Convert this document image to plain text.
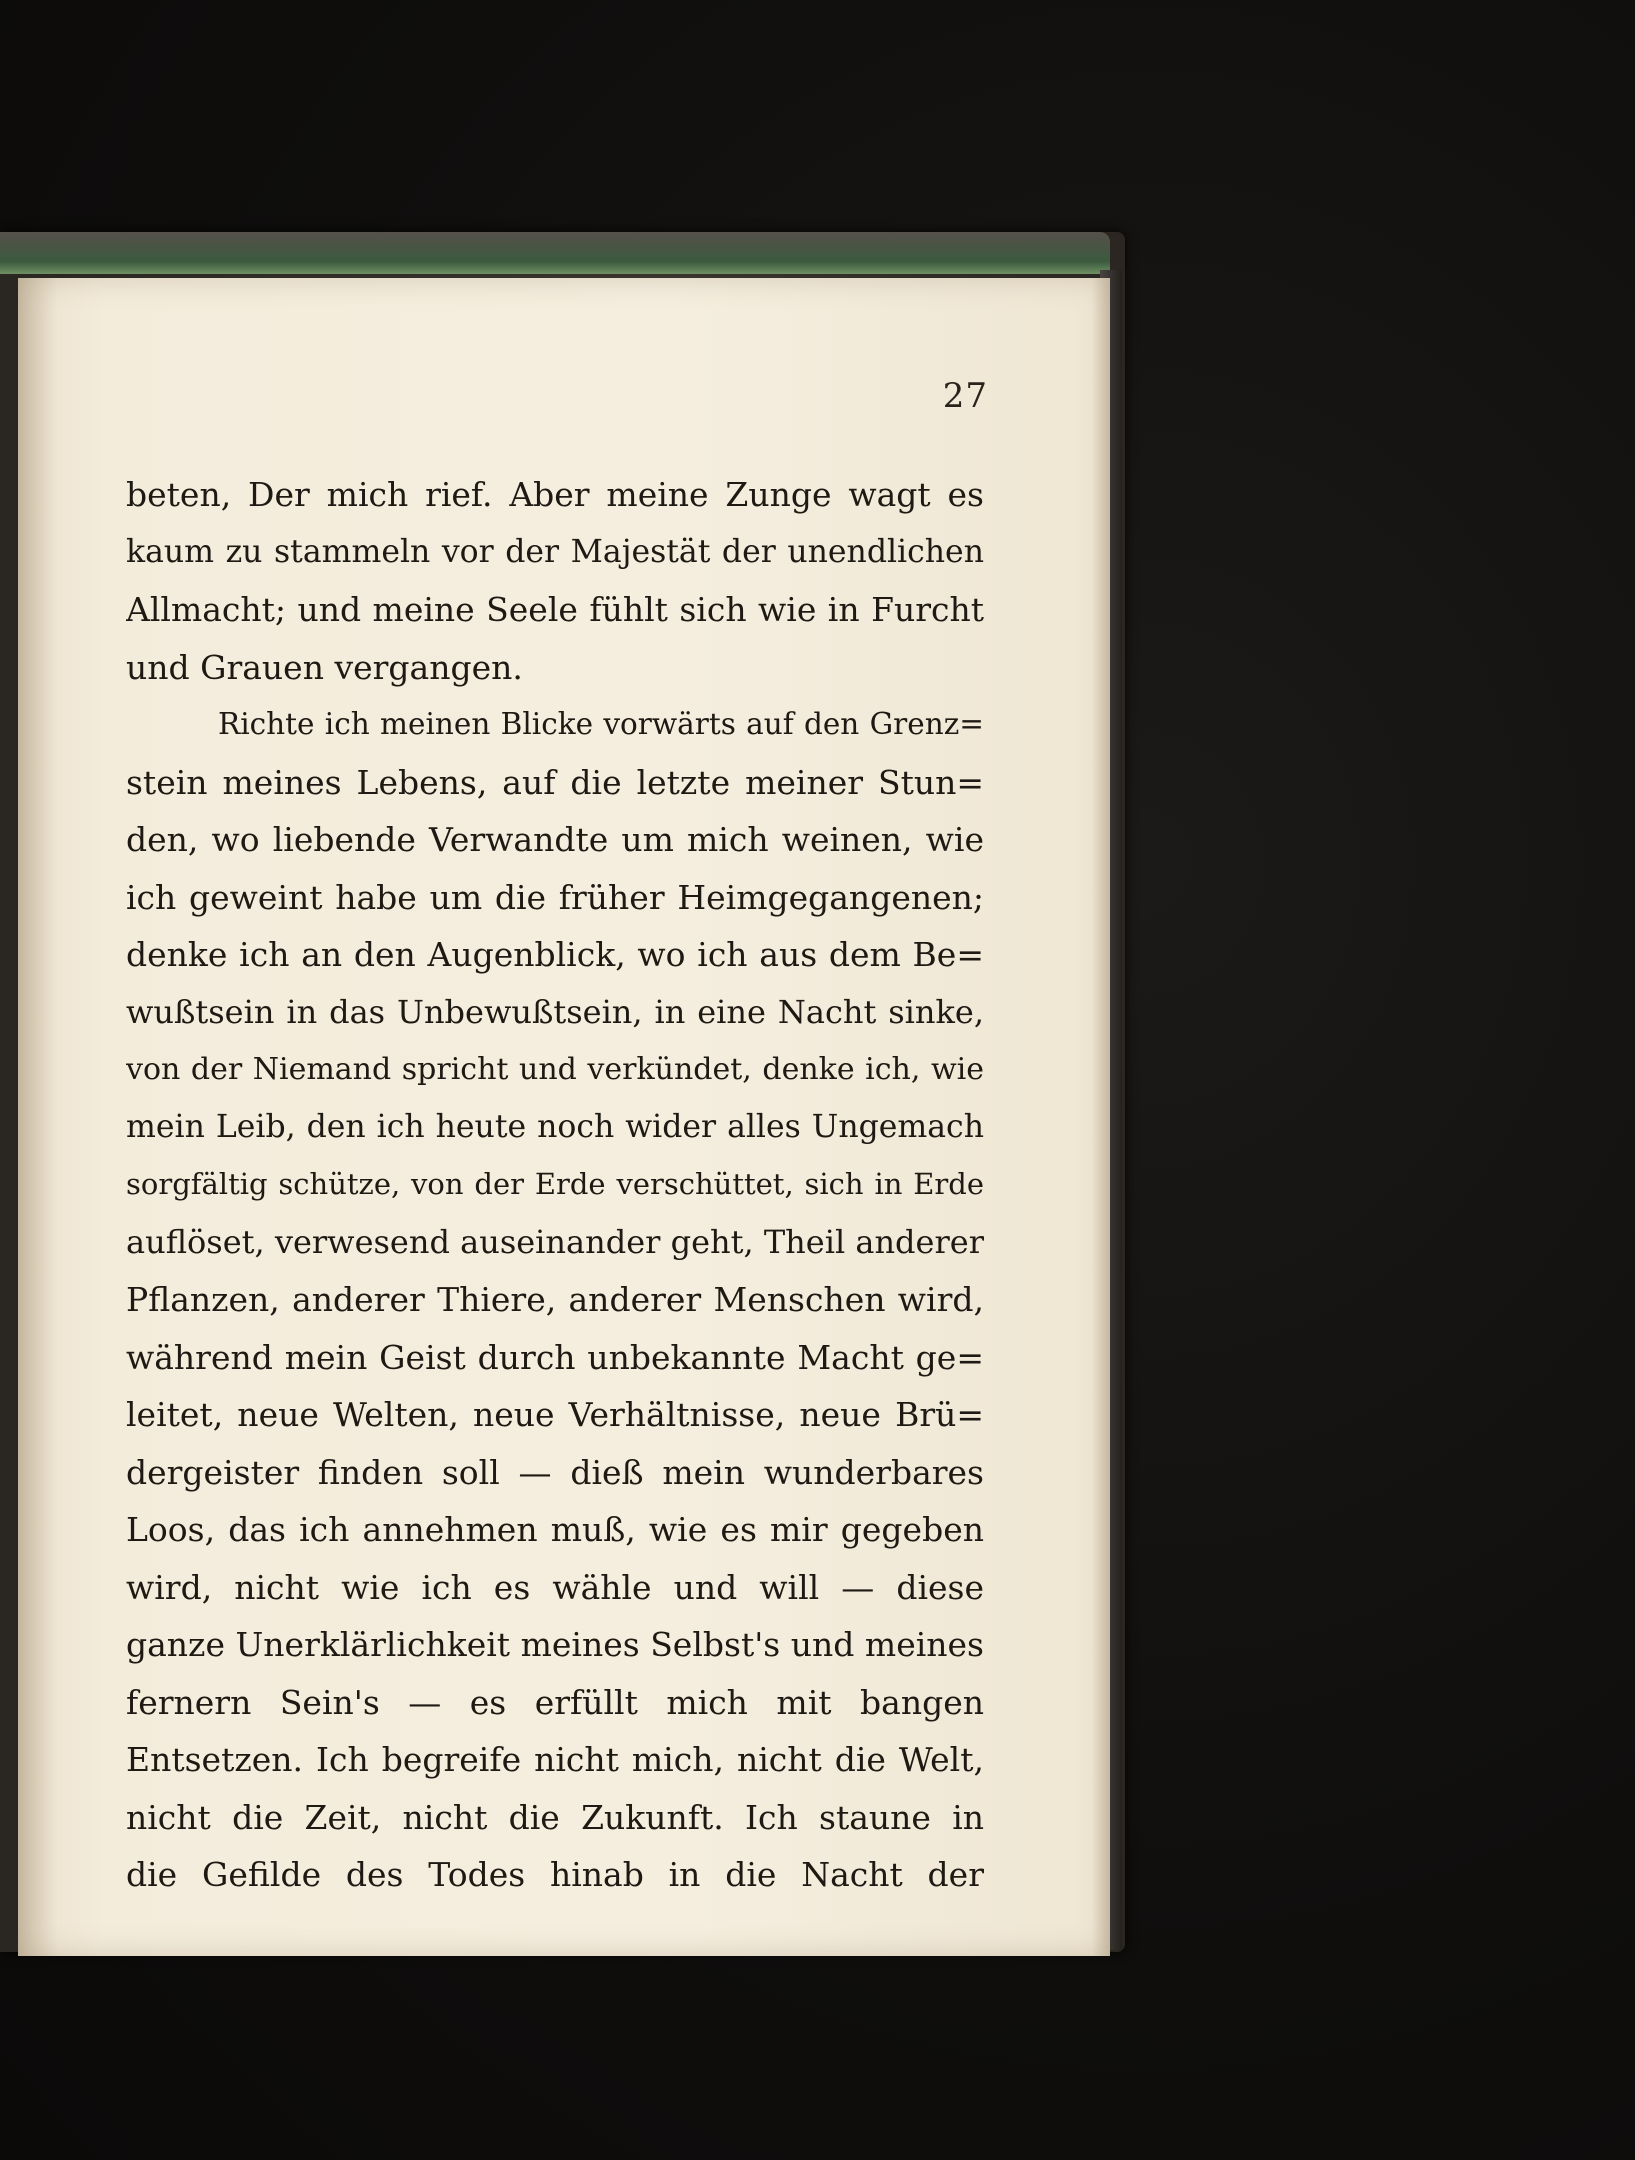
27
beten, Der mich rief. Aber meine Zunge wagt es
kaum zu stammeln vor der Majestät der unendlichen
Allmacht; und meine Seele fühlt sich wie in Furcht
und Grauen vergangen.
Richte ich meinen Blicke vorwärts auf den Grenz=
stein meines Lebens, auf die letzte meiner Stun=
den, wo liebende Verwandte um mich weinen, wie
ich geweint habe um die früher Heimgegangenen;
denke ich an den Augenblick, wo ich aus dem Be=
wußtsein in das Unbewußtsein, in eine Nacht sinke,
von der Niemand spricht und verkündet, denke ich, wie
mein Leib, den ich heute noch wider alles Ungemach
sorgfältig schütze, von der Erde verschüttet, sich in Erde
auflöset, verwesend auseinander geht, Theil anderer
Pflanzen, anderer Thiere, anderer Menschen wird,
während mein Geist durch unbekannte Macht ge=
leitet, neue Welten, neue Verhältnisse, neue Brü=
dergeister finden soll — dieß mein wunderbares
Loos, das ich annehmen muß, wie es mir gegeben
wird, nicht wie ich es wähle und will — diese
ganze Unerklärlichkeit meines Selbst's und meines
fernern Sein's — es erfüllt mich mit bangen
Entsetzen. Ich begreife nicht mich, nicht die Welt,
nicht die Zeit, nicht die Zukunft. Ich staune in
die Gefilde des Todes hinab in die Nacht der
